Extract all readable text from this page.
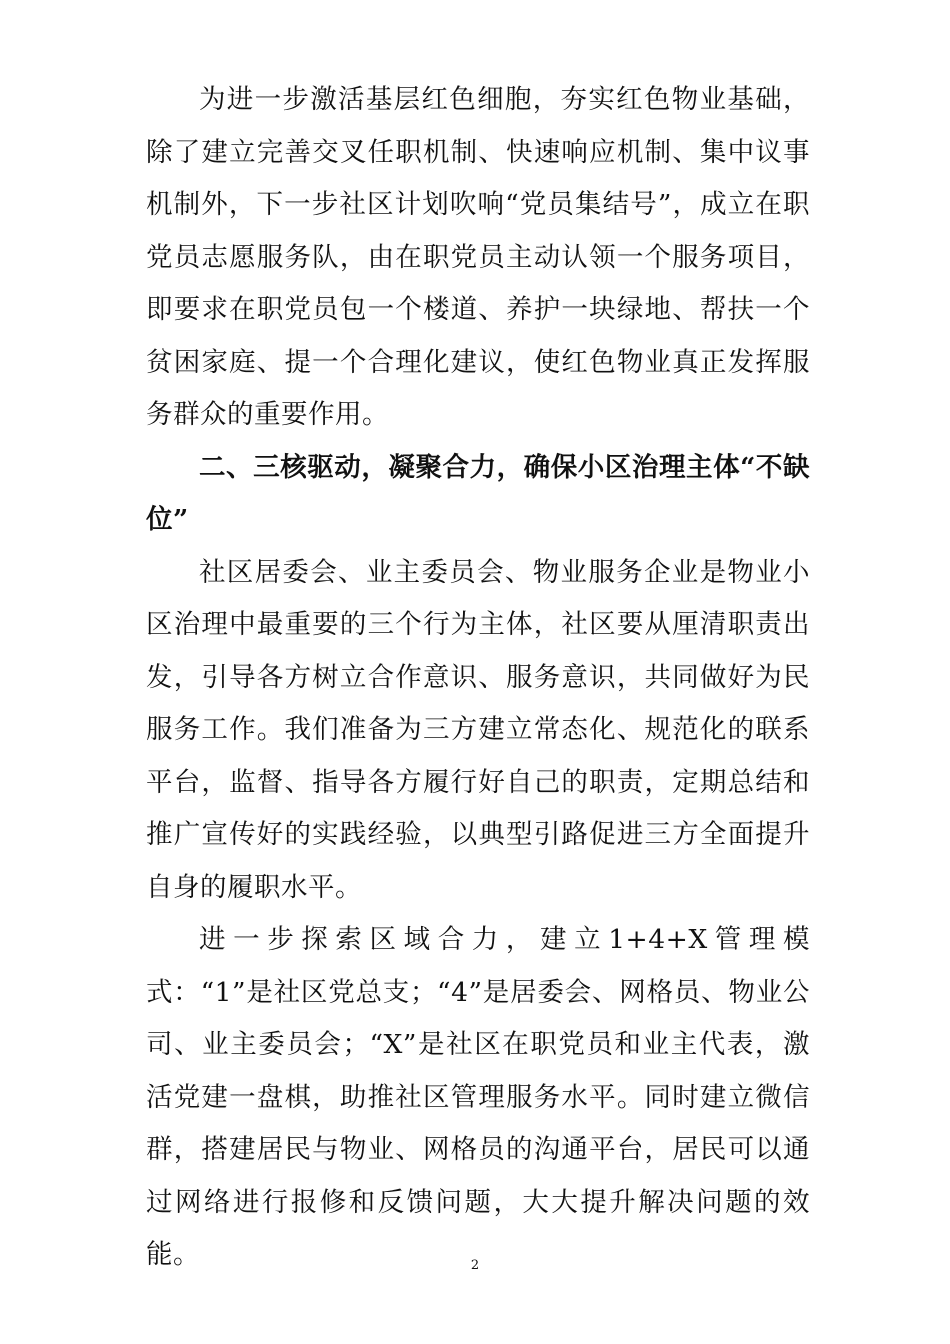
为进一步激活基层红色细胞，夯实红色物业基础，除了建立完善交叉任职机制、快速响应机制、集中议事机制外，下一步社区计划吹响“党员集结号”，成立在职党员志愿服务队，由在职党员主动认领一个服务项目，即要求在职党员包一个楼道、养护一块绿地、帮扶一个贫困家庭、提一个合理化建议，使红色物业真正发挥服务群众的重要作用。

二、三核驱动，凝聚合力，确保小区治理主体“不缺位”

社区居委会、业主委员会、物业服务企业是物业小区治理中最重要的三个行为主体，社区要从厘清职责出发，引导各方树立合作意识、服务意识，共同做好为民服务工作。我们准备为三方建立常态化、规范化的联系平台，监督、指导各方履行好自己的职责，定期总结和推广宣传好的实践经验，以典型引路促进三方全面提升自身的履职水平。

进一步探索区域合力，建立1+4+X管理模式：“1”是社区党总支；“4”是居委会、网格员、物业公司、业主委员会；“X”是社区在职党员和业主代表，激活党建一盘棋，助推社区管理服务水平。同时建立微信群，搭建居民与物业、网格员的沟通平台，居民可以通过网络进行报修和反馈问题，大大提升解决问题的效能。	2
